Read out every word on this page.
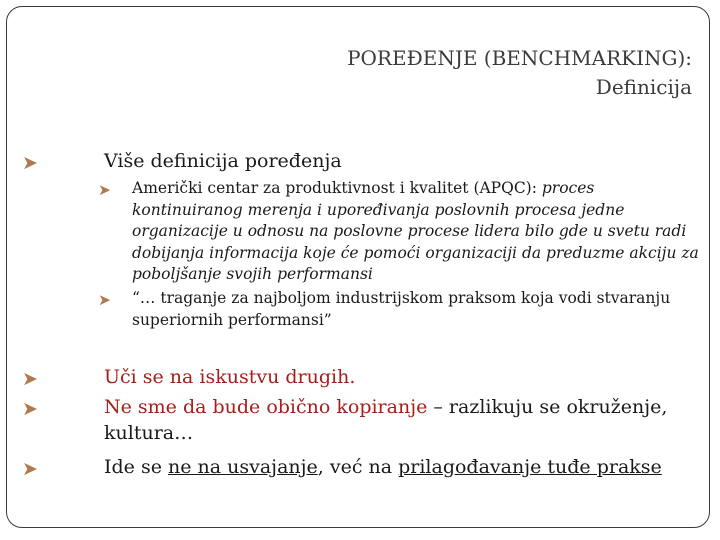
POREĐENJE (BENCHMARKING):
Definicija
➤	Više definicija poređenja
➤ Američki centar za produktivnost i kvalitet (APQC): proces kontinuiranog merenja i upoređivanja poslovnih procesa jedne organizacije u odnosu na poslovne procese lidera bilo gde u svetu radi dobijanja informacija koje će pomoći organizaciji da preduzme akciju za poboljšanje svojih performansi
➤ “… traganje za najboljom industrijskom praksom koja vodi stvaranju superiornih performansi”
➤	Uči se na iskustvu drugih.
➤	Ne sme da bude obično kopiranje – razlikuju se okruženje, kultura…
➤	Ide se ne na usvajanje, već na prilagođavanje tuđe prakse
